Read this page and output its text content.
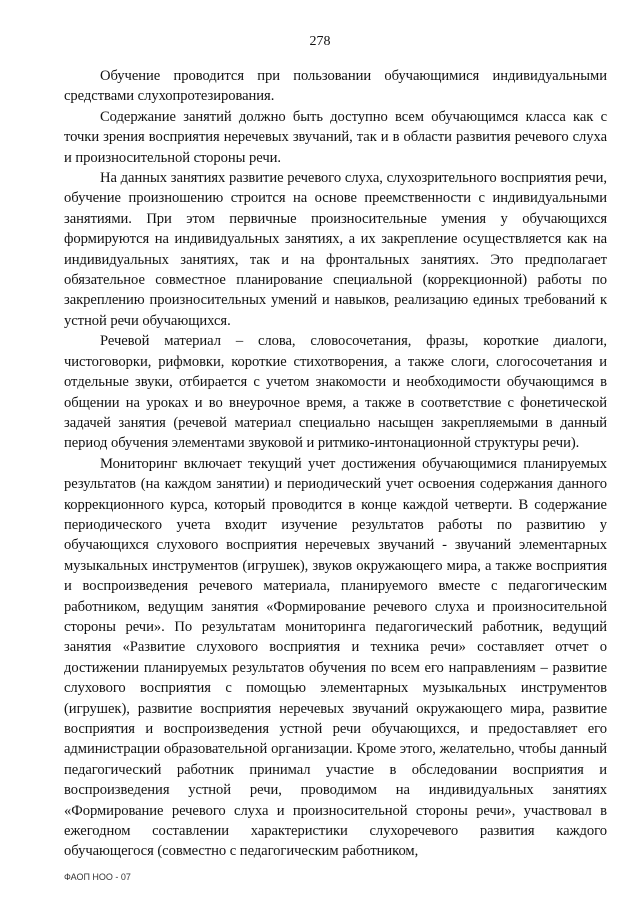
278

Обучение проводится при пользовании обучающимися индивидуальными средствами слухопротезирования.

Содержание занятий должно быть доступно всем обучающимся класса как с точки зрения восприятия неречевых звучаний, так и в области развития речевого слуха и произносительной стороны речи.

На данных занятиях развитие речевого слуха, слухозрительного восприятия речи, обучение произношению строится на основе преемственности с индивидуальными занятиями. При этом первичные произносительные умения у обучающихся формируются на индивидуальных занятиях, а их закрепление осуществляется как на индивидуальных занятиях, так и на фронтальных занятиях. Это предполагает обязательное совместное планирование специальной (коррекционной) работы по закреплению произносительных умений и навыков, реализацию единых требований к устной речи обучающихся.

Речевой материал – слова, словосочетания, фразы, короткие диалоги, чистоговорки, рифмовки, короткие стихотворения, а также слоги, слогосочетания и отдельные звуки, отбирается с учетом знакомости и необходимости обучающимся в общении на уроках и во внеурочное время, а также в соответствие с фонетической задачей занятия (речевой материал специально насыщен закрепляемыми в данный период обучения элементами звуковой и ритмико-интонационной структуры речи).

Мониторинг включает текущий учет достижения обучающимися планируемых результатов (на каждом занятии) и периодический учет освоения содержания данного коррекционного курса, который проводится в конце каждой четверти. В содержание периодического учета входит изучение результатов работы по развитию у обучающихся слухового восприятия неречевых звучаний - звучаний элементарных музыкальных инструментов (игрушек), звуков окружающего мира, а также восприятия и воспроизведения речевого материала, планируемого вместе с педагогическим работником, ведущим занятия «Формирование речевого слуха и произносительной стороны речи». По результатам мониторинга педагогический работник, ведущий занятия «Развитие слухового восприятия и техника речи» составляет отчет о достижении планируемых результатов обучения по всем его направлениям – развитие слухового восприятия с помощью элементарных музыкальных инструментов (игрушек), развитие восприятия неречевых звучаний окружающего мира, развитие восприятия и воспроизведения устной речи обучающихся, и предоставляет его администрации образовательной организации. Кроме этого, желательно, чтобы данный педагогический работник принимал участие в обследовании восприятия и воспроизведения устной речи, проводимом на индивидуальных занятиях «Формирование речевого слуха и произносительной стороны речи», участвовал в ежегодном составлении характеристики слухоречевого развития каждого обучающегося (совместно с педагогическим работником,

ФАОП НОО - 07
